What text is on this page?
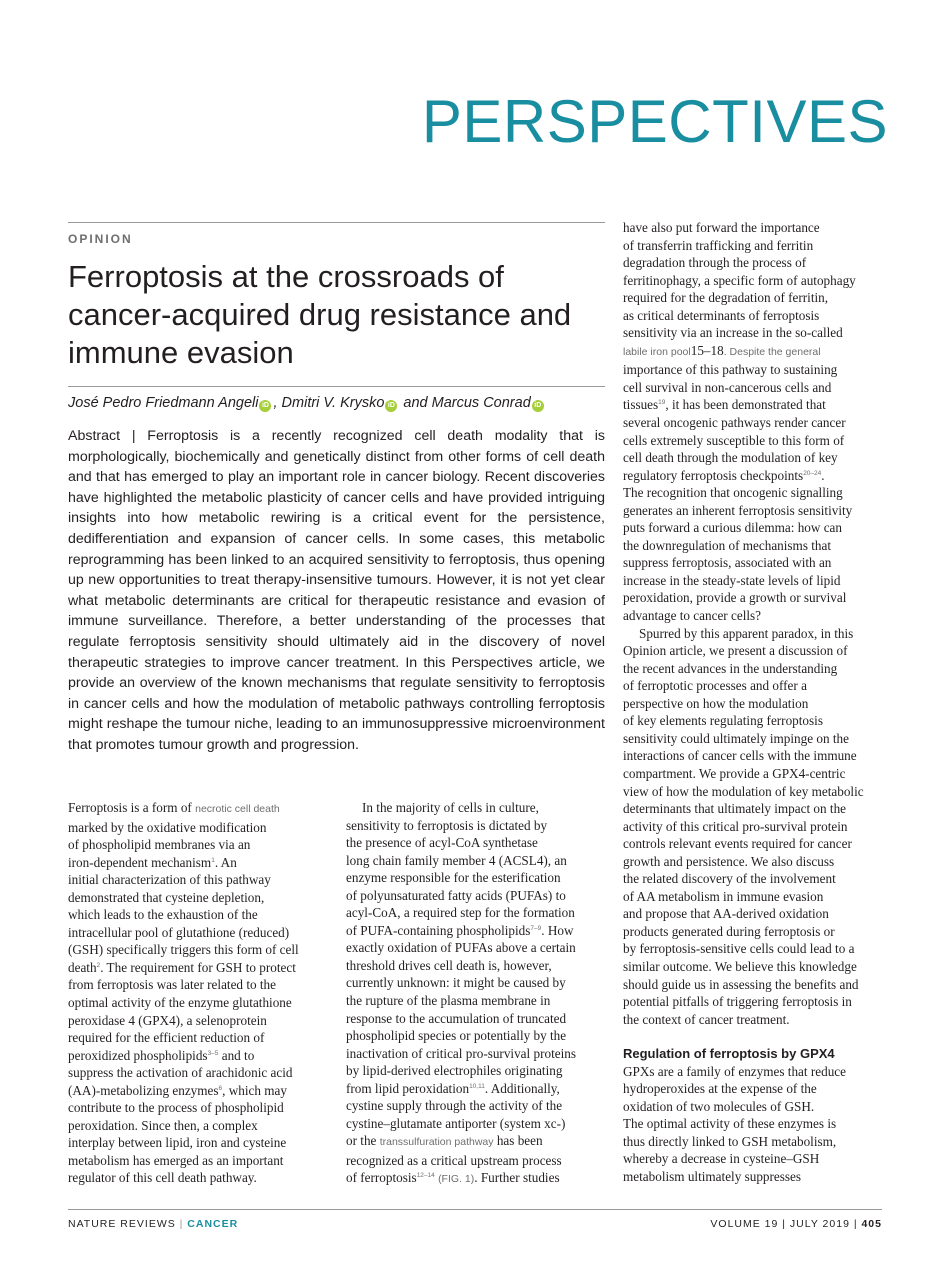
PERSPECTIVES
OPINION
Ferroptosis at the crossroads of cancer-acquired drug resistance and immune evasion
José Pedro Friedmann Angeli iD , Dmitri V. Krysko iD and Marcus Conrad iD

Abstract | Ferroptosis is a recently recognized cell death modality that is morphologically, biochemically and genetically distinct from other forms of cell death and that has emerged to play an important role in cancer biology. Recent discoveries have highlighted the metabolic plasticity of cancer cells and have provided intriguing insights into how metabolic rewiring is a critical event for the persistence, dedifferentiation and expansion of cancer cells. In some cases, this metabolic reprogramming has been linked to an acquired sensitivity to ferroptosis, thus opening up new opportunities to treat therapy-insensitive tumours. However, it is not yet clear what metabolic determinants are critical for therapeutic resistance and evasion of immune surveillance. Therefore, a better understanding of the processes that regulate ferroptosis sensitivity should ultimately aid in the discovery of novel therapeutic strategies to improve cancer treatment. In this Perspectives article, we provide an overview of the known mechanisms that regulate sensitivity to ferroptosis in cancer cells and how the modulation of metabolic pathways controlling ferroptosis might reshape the tumour niche, leading to an immunosuppressive microenvironment that promotes tumour growth and progression.

Ferroptosis is a form of necrotic cell death

marked by the oxidative modification

of phospholipid membranes via an

iron-dependent mechanism$^1$. An

initial characterization of this pathway

demonstrated that cysteine depletion,

which leads to the exhaustion of the

intracellular pool of glutathione (reduced)

(GSH) specifically triggers this form of cell

death$^2$. The requirement for GSH to protect

from ferroptosis was later related to the

optimal activity of the enzyme glutathione

peroxidase 4 (GPX4), a selenoprotein

required for the efficient reduction of

peroxidized phospholipids$^{3-5}$ and to

suppress the activation of arachidonic acid

(AA)-metabolizing enzymes$^6$, which may

contribute to the process of phospholipid

peroxidation. Since then, a complex

interplay between lipid, iron and cysteine

metabolism has emerged as an important

regulator of this cell death pathway.

In the majority of cells in culture,

sensitivity to ferroptosis is dictated by

the presence of acyl-CoA synthetase

long chain family member 4 (ACSL4), an

enzyme responsible for the esterification

of polyunsaturated fatty acids (PUFAs) to

acyl-CoA, a required step for the formation

of PUFA-containing phospholipids$^{7-9}$. How

exactly oxidation of PUFAs above a certain

threshold drives cell death is, however,

currently unknown: it might be caused by

the rupture of the plasma membrane in

response to the accumulation of truncated

phospholipid species or potentially by the

inactivation of critical pro-survival proteins

by lipid-derived electrophiles originating

from lipid peroxidation$^{10,11}$. Additionally,

cystine supply through the activity of the

cystine–glutamate antiporter (system xc-)

or the transsulfuration pathway has been

recognized as a critical upstream process

of ferroptosis$^{12-14}$ (FIG. 1). Further studies

have also put forward the importance

of transferrin trafficking and ferritin

degradation through the process of

ferritinophagy, a specific form of autophagy

required for the degradation of ferritin,

as critical determinants of ferroptosis

sensitivity via an increase in the so-called

labile iron pool15–18. Despite the general

importance of this pathway to sustaining

cell survival in non-cancerous cells and

tissues$^{19}$, it has been demonstrated that

several oncogenic pathways render cancer

cells extremely susceptible to this form of

cell death through the modulation of key

regulatory ferroptosis checkpoints$^{20-24}$.

The recognition that oncogenic signalling

generates an inherent ferroptosis sensitivity

puts forward a curious dilemma: how can

the downregulation of mechanisms that

suppress ferroptosis, associated with an

increase in the steady-state levels of lipid

peroxidation, provide a growth or survival

advantage to cancer cells?

Spurred by this apparent paradox, in this

Opinion article, we present a discussion of

the recent advances in the understanding

of ferroptotic processes and offer a

perspective on how the modulation

of key elements regulating ferroptosis

sensitivity could ultimately impinge on the

interactions of cancer cells with the immune

compartment. We provide a GPX4-centric

view of how the modulation of key metabolic

determinants that ultimately impact on the

activity of this critical pro-survival protein

controls relevant events required for cancer

growth and persistence. We also discuss

the related discovery of the involvement

of AA metabolism in immune evasion

and propose that AA-derived oxidation

products generated during ferroptosis or

by ferroptosis-sensitive cells could lead to a

similar outcome. We believe this knowledge

should guide us in assessing the benefits and

potential pitfalls of triggering ferroptosis in

the context of cancer treatment.

Regulation of ferroptosis by GPX4

GPXs are a family of enzymes that reduce

hydroperoxides at the expense of the

oxidation of two molecules of GSH.

The optimal activity of these enzymes is

thus directly linked to GSH metabolism,

whereby a decrease in cysteine–GSH

metabolism ultimately suppresses

NATURE REVIEWS | CANCER	VOLUME 19 | JULY 2019 | 405
